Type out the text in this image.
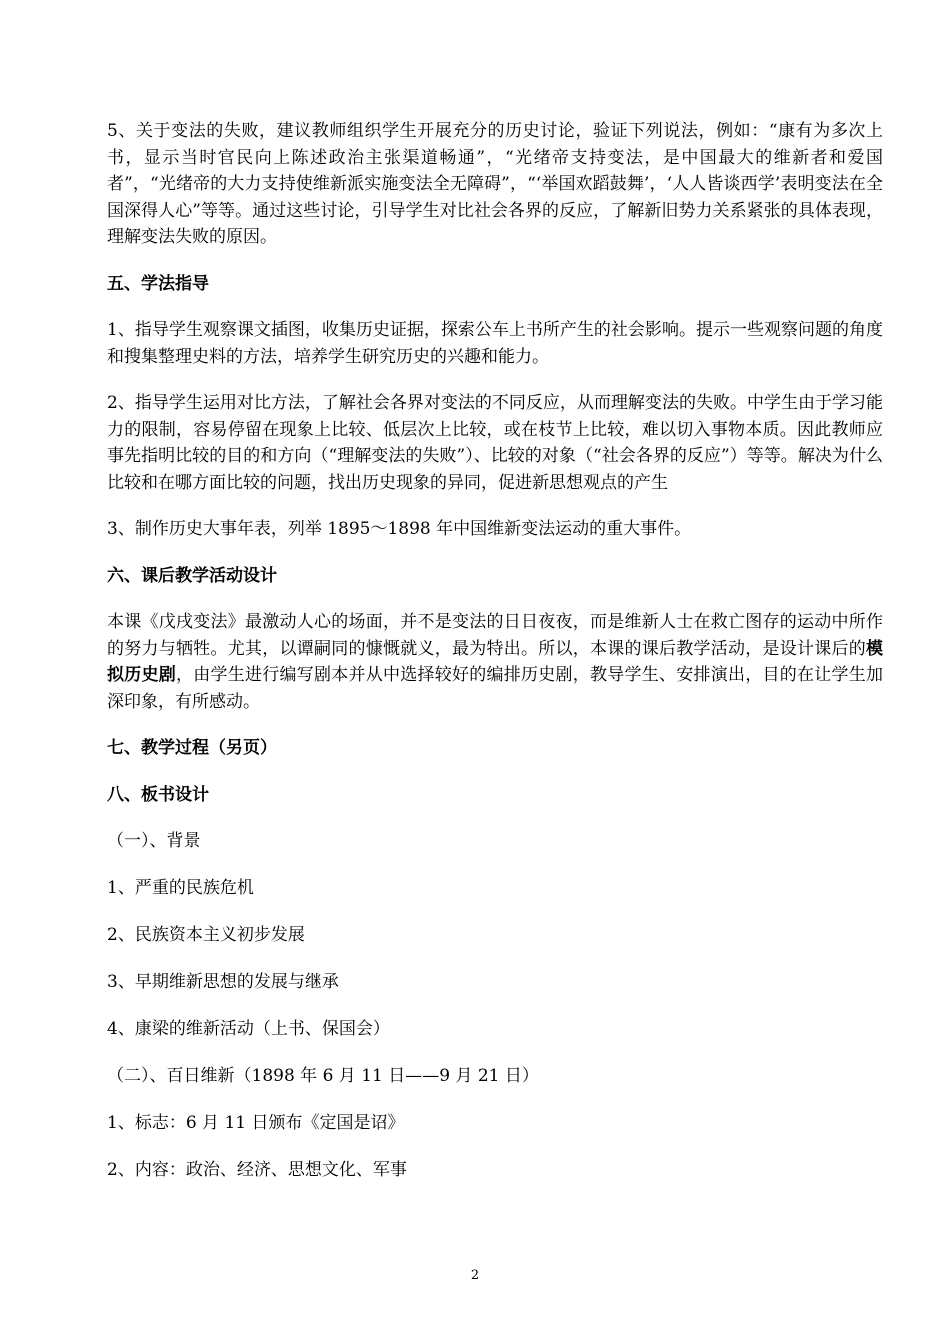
5、关于变法的失败，建议教师组织学生开展充分的历史讨论，验证下列说法，例如：“康有为多次上书，显示当时官民向上陈述政治主张渠道畅通”，“光绪帝支持变法，是中国最大的维新者和爱国者”，“光绪帝的大力支持使维新派实施变法全无障碍”，“‘举国欢蹈鼓舞’，‘人人皆谈西学’表明变法在全国深得人心”等等。通过这些讨论，引导学生对比社会各界的反应，了解新旧势力关系紧张的具体表现，理解变法失败的原因。

五、学法指导

1、指导学生观察课文插图，收集历史证据，探索公车上书所产生的社会影响。提示一些观察问题的角度和搜集整理史料的方法，培养学生研究历史的兴趣和能力。

2、指导学生运用对比方法，了解社会各界对变法的不同反应，从而理解变法的失败。中学生由于学习能力的限制，容易停留在现象上比较、低层次上比较，或在枝节上比较，难以切入事物本质。因此教师应事先指明比较的目的和方向（“理解变法的失败”）、比较的对象（“社会各界的反应”）等等。解决为什么比较和在哪方面比较的问题，找出历史现象的异同，促进新思想观点的产生

3、制作历史大事年表，列举 1895～1898 年中国维新变法运动的重大事件。

六、课后教学活动设计

本课《戊戌变法》最激动人心的场面，并不是变法的日日夜夜，而是维新人士在救亡图存的运动中所作的努力与牺牲。尤其，以谭嗣同的慷慨就义，最为特出。所以，本课的课后教学活动，是设计课后的模拟历史剧，由学生进行编写剧本并从中选择较好的编排历史剧，教导学生、安排演出，目的在让学生加深印象，有所感动。

七、教学过程（另页）
八、板书设计
（一）、背景
1、严重的民族危机
2、民族资本主义初步发展
3、早期维新思想的发展与继承
4、康梁的维新活动（上书、保国会）
（二）、百日维新（1898 年 6 月 11 日——9 月 21 日）
1、标志：6 月 11 日颁布《定国是诏》
2、内容：政治、经济、思想文化、军事
2
